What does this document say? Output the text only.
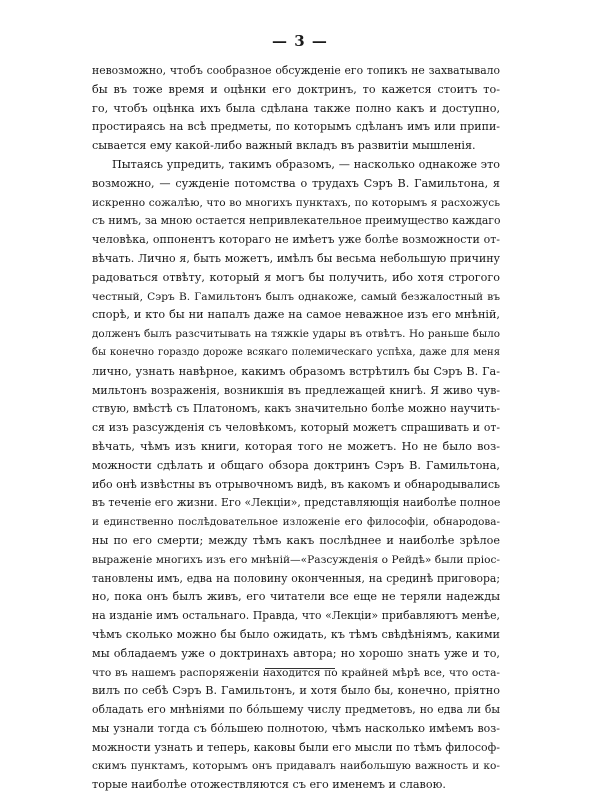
— 3 —

невозможно, чтобъ сообразное обсужденіе его топикъ не захватывало
бы въ тоже время и оцѣнки его доктринъ, то кажется стоитъ то-
го, чтобъ оцѣнка ихъ была сдѣлана также полно какъ и доступно,
простираясь на всѣ предметы, по которымъ сдѣланъ имъ или припи-
сывается ему какой-либо важный вкладъ въ развитіи мышленія.
Пытаясь упредить, такимъ образомъ, — насколько однакоже это
возможно, — сужденіе потомства о трудахъ Сэръ В. Гамильтона, я
искренно сожалѣю, что во многихъ пунктахъ, по которымъ я расхожусь
съ нимъ, за мною остается непривлекательное преимущество каждаго
человѣка, оппонентъ котораго не имѣетъ уже болѣе возможности от-
вѣчать. Лично я, быть можетъ, имѣлъ бы весьма небольшую причину
радоваться отвѣту, который я могъ бы получить, ибо хотя строгого
честный, Сэръ В. Гамильтонъ былъ однакоже, самый безжалостный въ
спорѣ, и кто бы ни напалъ даже на самое неважное изъ его мнѣній,
долженъ былъ разсчитывать на тяжкіе удары въ отвѣтъ. Но раньше было
бы конечно гораздо дороже всякаго полемическаго успѣха, даже для меня
лично, узнать навѣрное, какимъ образомъ встрѣтилъ бы Сэръ В. Га-
мильтонъ возраженія, возникшія въ предлежащей книгѣ. Я живо чув-
ствую, вмѣстѣ съ Платономъ, какъ значительно болѣе можно научить-
ся изъ разсужденія съ человѣкомъ, который можетъ спрашивать и от-
вѣчать, чѣмъ изъ книги, которая того не можетъ. Но не было воз-
можности сдѣлать и общаго обзора доктринъ Сэръ В. Гамильтона,
ибо онѣ извѣстны въ отрывочномъ видѣ, въ какомъ и обнародывались
въ теченіе его жизни. Его «Лекціи», представляющія наиболѣе полное
и единственно послѣдовательное изложеніе его философіи, обнародова-
ны по его смерти; между тѣмъ какъ послѣднее и наиболѣе зрѣлое
выраженіе многихъ изъ его мнѣній—«Разсужденія о Рейдѣ» были пріос-
тановлены имъ, едва на половину оконченныя, на срединѣ приговора;
но, пока онъ былъ живъ, его читатели все еще не теряли надежды
на изданіе имъ остальнаго. Правда, что «Лекціи» прибавляютъ менѣе,
чѣмъ сколько можно бы было ожидать, къ тѣмъ свѣдѣніямъ, какими
мы обладаемъ уже о доктринахъ автора; но хорошо знать уже и то,
что въ нашемъ распоряженіи находится по крайней мѣрѣ все, что оста-
вилъ по себѣ Сэръ В. Гамильтонъ, и хотя было бы, конечно, пріятно
обладать его мнѣніями по бо́льшему числу предметовъ, но едва ли бы
мы узнали тогда съ бо́льшею полнотою, чѣмъ насколько имѣемъ воз-
можности узнать и теперь, каковы были его мысли по тѣмъ философ-
скимъ пунктамъ, которымъ онъ придавалъ наибольшую важность и ко-
торые наиболѣе отожествляются съ его именемъ и славою.
